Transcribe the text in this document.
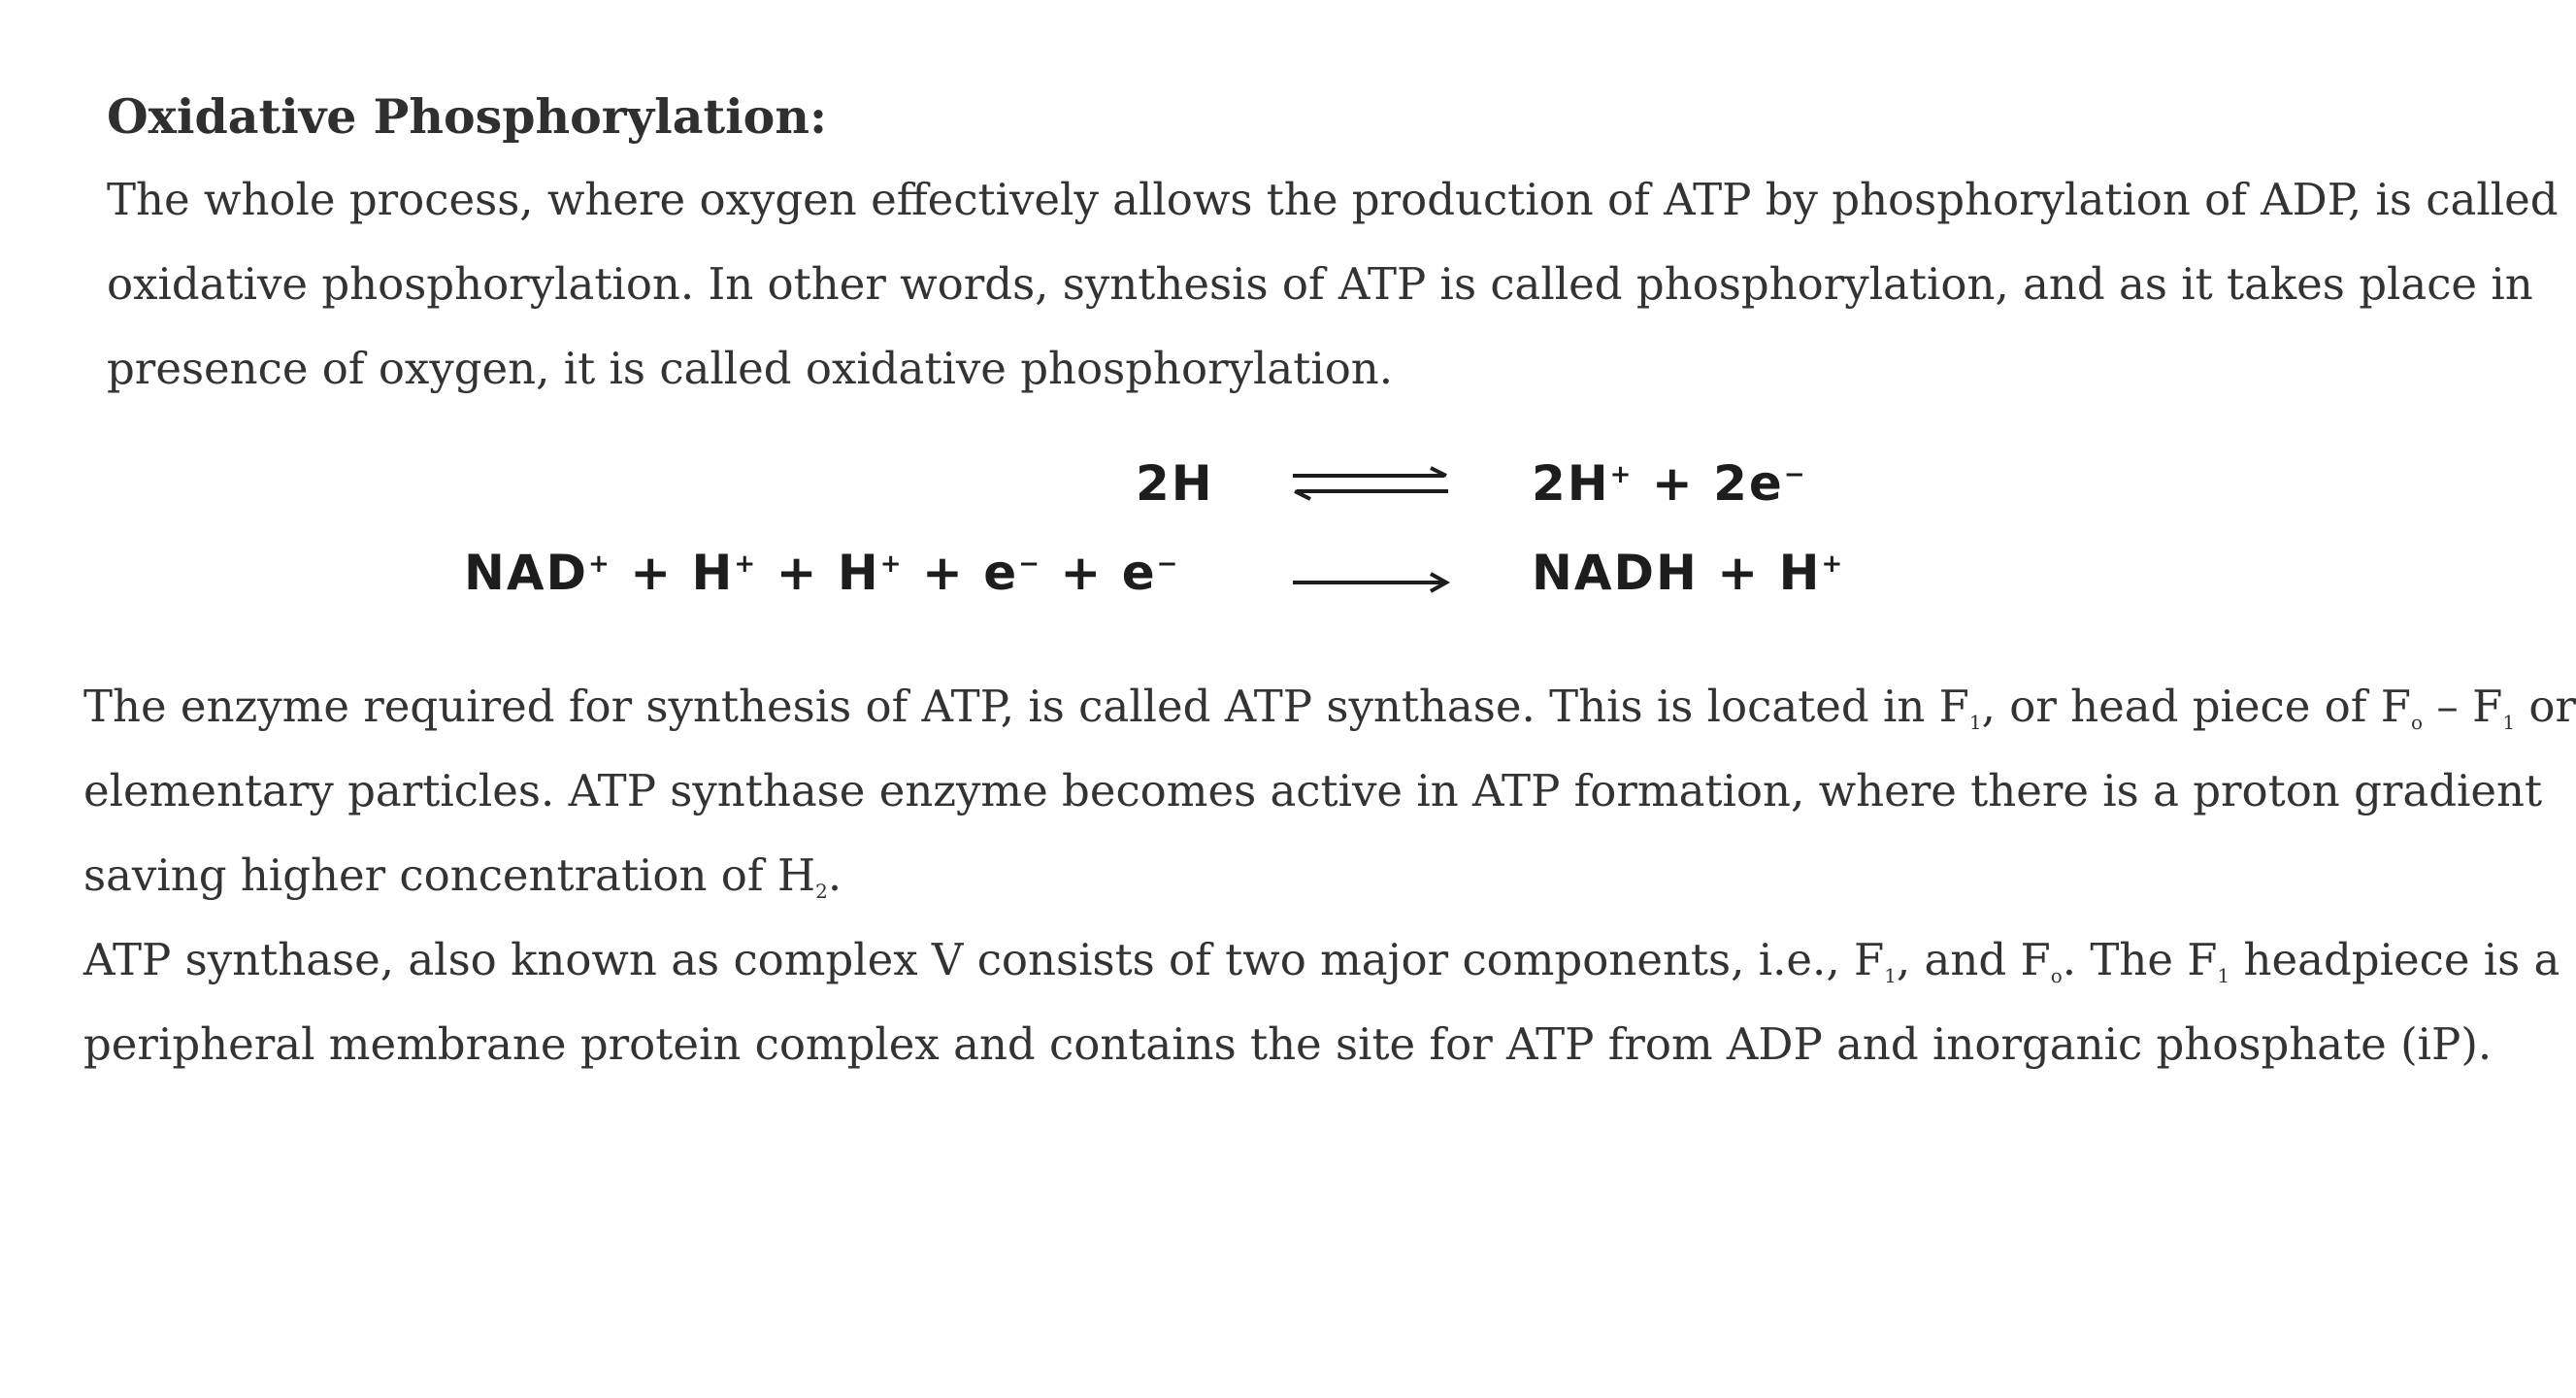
Oxidative Phosphorylation:
The whole process, where oxygen effectively allows the production of ATP by phosphorylation of ADP, is called
oxidative phosphorylation. In other words, synthesis of ATP is called phosphorylation, and as it takes place in
presence of oxygen, it is called oxidative phosphorylation.
2H	2H+ + 2e−
NAD+ + H+ + H+ + e− + e−	NADH + H+
The enzyme required for synthesis of ATP, is called ATP synthase. This is located in $F_1$, or head piece of $F_o - F_1$ or
elementary particles. ATP synthase enzyme becomes active in ATP formation, where there is a proton gradient
saving higher concentration of $H_2$.
ATP synthase, also known as complex V consists of two major components, i.e., $F_1$, and $F_o$. The $F_1$ headpiece is a
peripheral membrane protein complex and contains the site for ATP from ADP and inorganic phosphate (iP).
